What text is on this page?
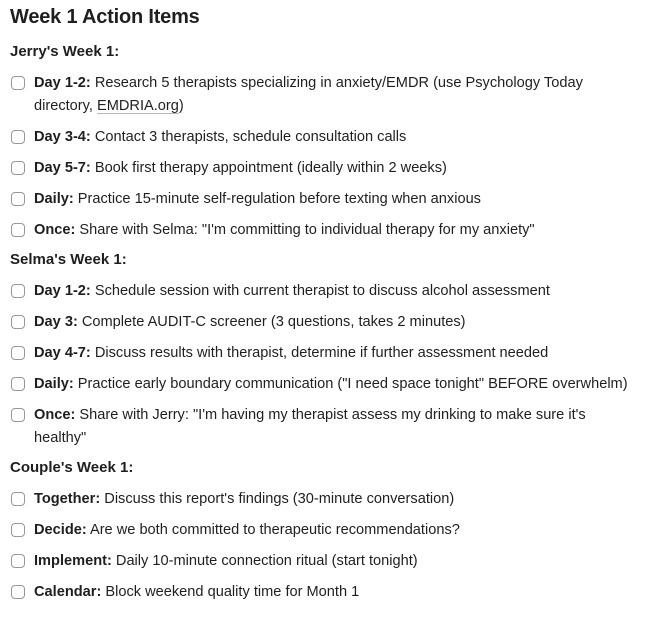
Week 1 Action Items

Jerry's Week 1:

Day 1-2: Research 5 therapists specializing in anxiety/EMDR (use Psychology Today directory, EMDRIA.org)
Day 3-4: Contact 3 therapists, schedule consultation calls
Day 5-7: Book first therapy appointment (ideally within 2 weeks)
Daily: Practice 15-minute self-regulation before texting when anxious
Once: Share with Selma: "I'm committing to individual therapy for my anxiety"

Selma's Week 1:

Day 1-2: Schedule session with current therapist to discuss alcohol assessment
Day 3: Complete AUDIT-C screener (3 questions, takes 2 minutes)
Day 4-7: Discuss results with therapist, determine if further assessment needed
Daily: Practice early boundary communication ("I need space tonight" BEFORE overwhelm)
Once: Share with Jerry: "I'm having my therapist assess my drinking to make sure it's healthy"

Couple's Week 1:

Together: Discuss this report's findings (30-minute conversation)
Decide: Are we both committed to therapeutic recommendations?
Implement: Daily 10-minute connection ritual (start tonight)
Calendar: Block weekend quality time for Month 1
